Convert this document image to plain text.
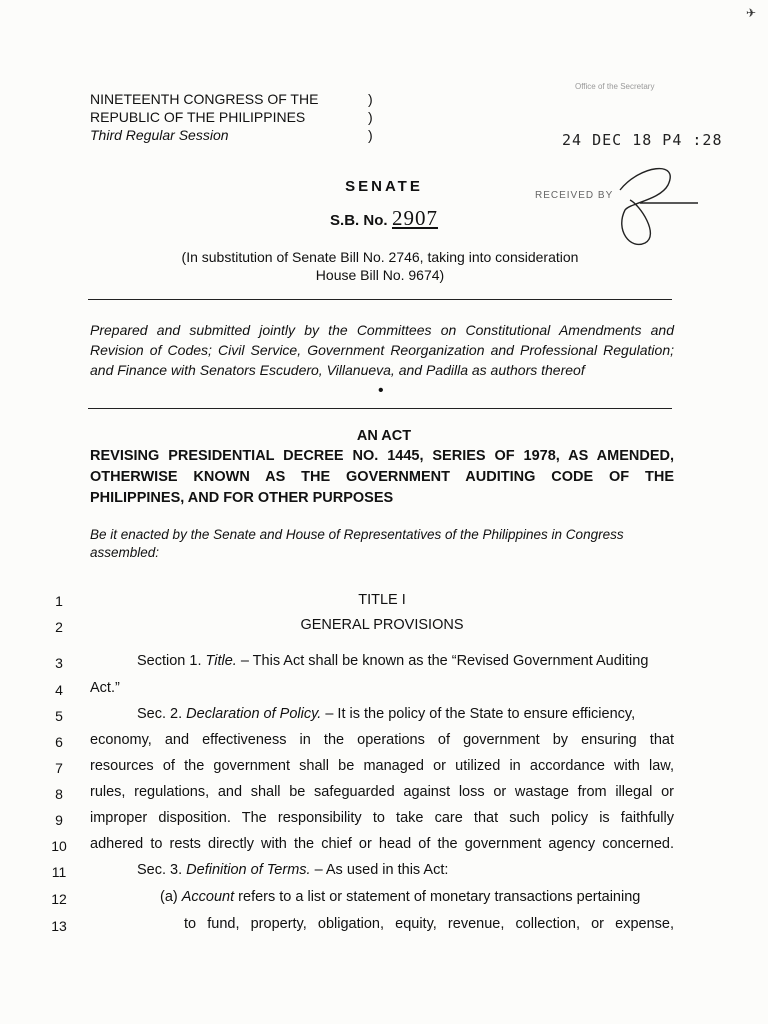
NINETEENTH CONGRESS OF THE
REPUBLIC OF THE PHILIPPINES
Third Regular Session
)
)
)
Office of the Secretary
24 DEC 18 P4 :28
RECEIVED BY
✈
SENATE
S.B. No. 2907
(In substitution of Senate Bill No. 2746, taking into consideration
House Bill No. 9674)
Prepared and submitted jointly by the Committees on Constitutional Amendments and Revision of Codes; Civil Service, Government Reorganization and Professional Regulation; and Finance with Senators Escudero, Villanueva, and Padilla as authors thereof
•
AN ACT
REVISING PRESIDENTIAL DECREE NO. 1445, SERIES OF 1978, AS AMENDED, OTHERWISE KNOWN AS THE GOVERNMENT AUDITING CODE OF THE PHILIPPINES, AND FOR OTHER PURPOSES
Be it enacted by the Senate and House of Representatives of the Philippines in Congress assembled:
1	TITLE I
2	GENERAL PROVISIONS
3	Section 1. Title. – This Act shall be known as the “Revised Government Auditing
4	Act.”
5	Sec. 2. Declaration of Policy. – It is the policy of the State to ensure efficiency,
6	economy, and effectiveness in the operations of government by ensuring that
7	resources of the government shall be managed or utilized in accordance with law,
8	rules, regulations, and shall be safeguarded against loss or wastage from illegal or
9	improper disposition. The responsibility to take care that such policy is faithfully
10	adhered to rests directly with the chief or head of the government agency concerned.
11	Sec. 3. Definition of Terms. – As used in this Act:
12	(a) Account refers to a list or statement of monetary transactions pertaining
13	to fund, property, obligation, equity, revenue, collection, or expense,
